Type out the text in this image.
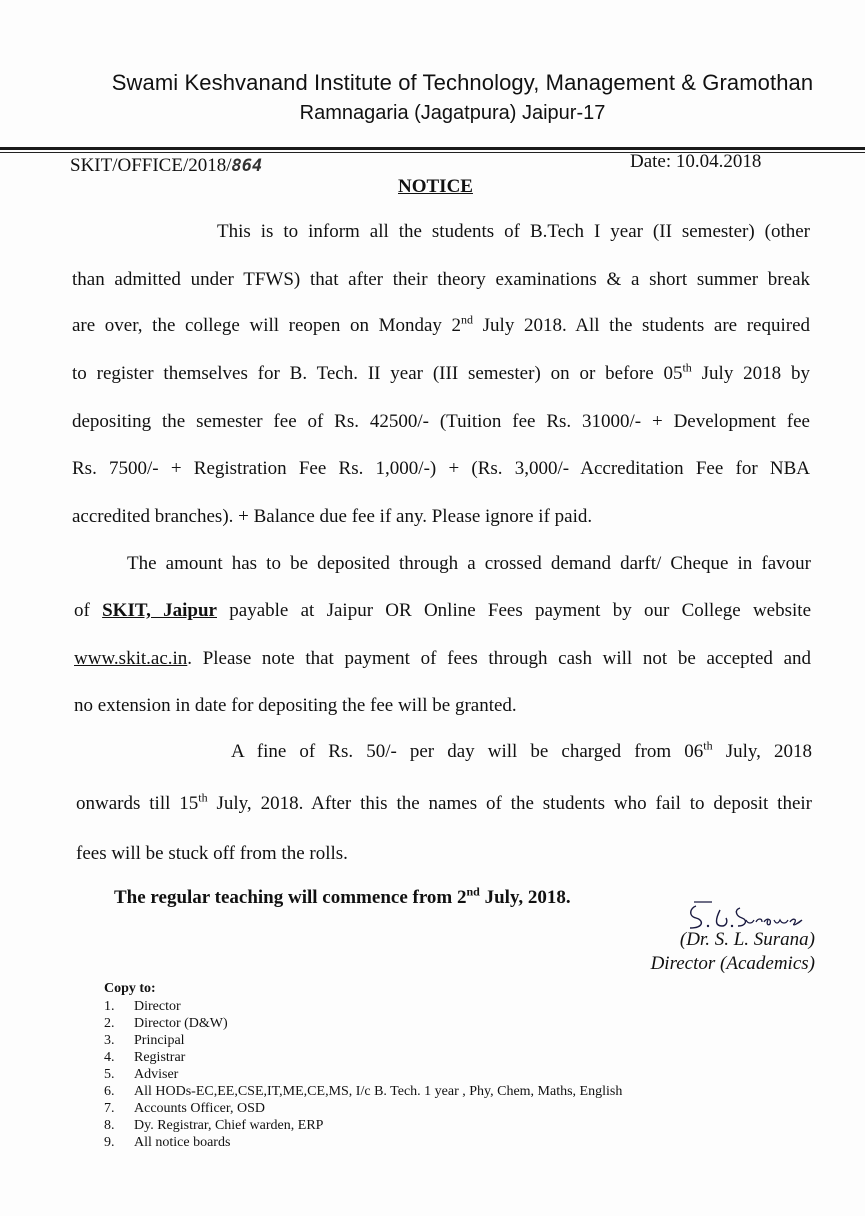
Swami Keshvanand Institute of Technology, Management & Gramothan
Ramnagaria (Jagatpura) Jaipur-17
SKIT/OFFICE/2018/864	Date: 10.04.2018
NOTICE
This is to inform all the students of B.Tech I year (II semester) (other
than admitted under TFWS) that after their theory examinations & a short summer break
are over, the college will reopen on Monday 2nd July 2018. All the students are required
to register themselves for B. Tech. II year (III semester) on or before 05th July 2018 by
depositing the semester fee of Rs. 42500/- (Tuition fee Rs. 31000/- + Development fee
Rs. 7500/- + Registration Fee Rs. 1,000/-) + (Rs. 3,000/- Accreditation Fee for NBA
accredited branches). + Balance due fee if any. Please ignore if paid.
The amount has to be deposited through a crossed demand darft/ Cheque in favour
of SKIT, Jaipur payable at Jaipur OR Online Fees payment by our College website
www.skit.ac.in. Please note that payment of fees through cash will not be accepted and
no extension in date for depositing the fee will be granted.
A fine of Rs. 50/- per day will be charged from 06th July, 2018
onwards till 15th July, 2018. After this the names of the students who fail to deposit their
fees will be stuck off from the rolls.
The regular teaching will commence from 2nd July, 2018.
(Dr. S. L. Surana)
Director (Academics)
Copy to:
1.	Director
2.	Director (D&W)
3.	Principal
4.	Registrar
5.	Adviser
6.	All HODs-EC,EE,CSE,IT,ME,CE,MS, I/c B. Tech. 1 year , Phy, Chem, Maths, English
7.	Accounts Officer, OSD
8.	Dy. Registrar, Chief warden, ERP
9.	All notice boards
